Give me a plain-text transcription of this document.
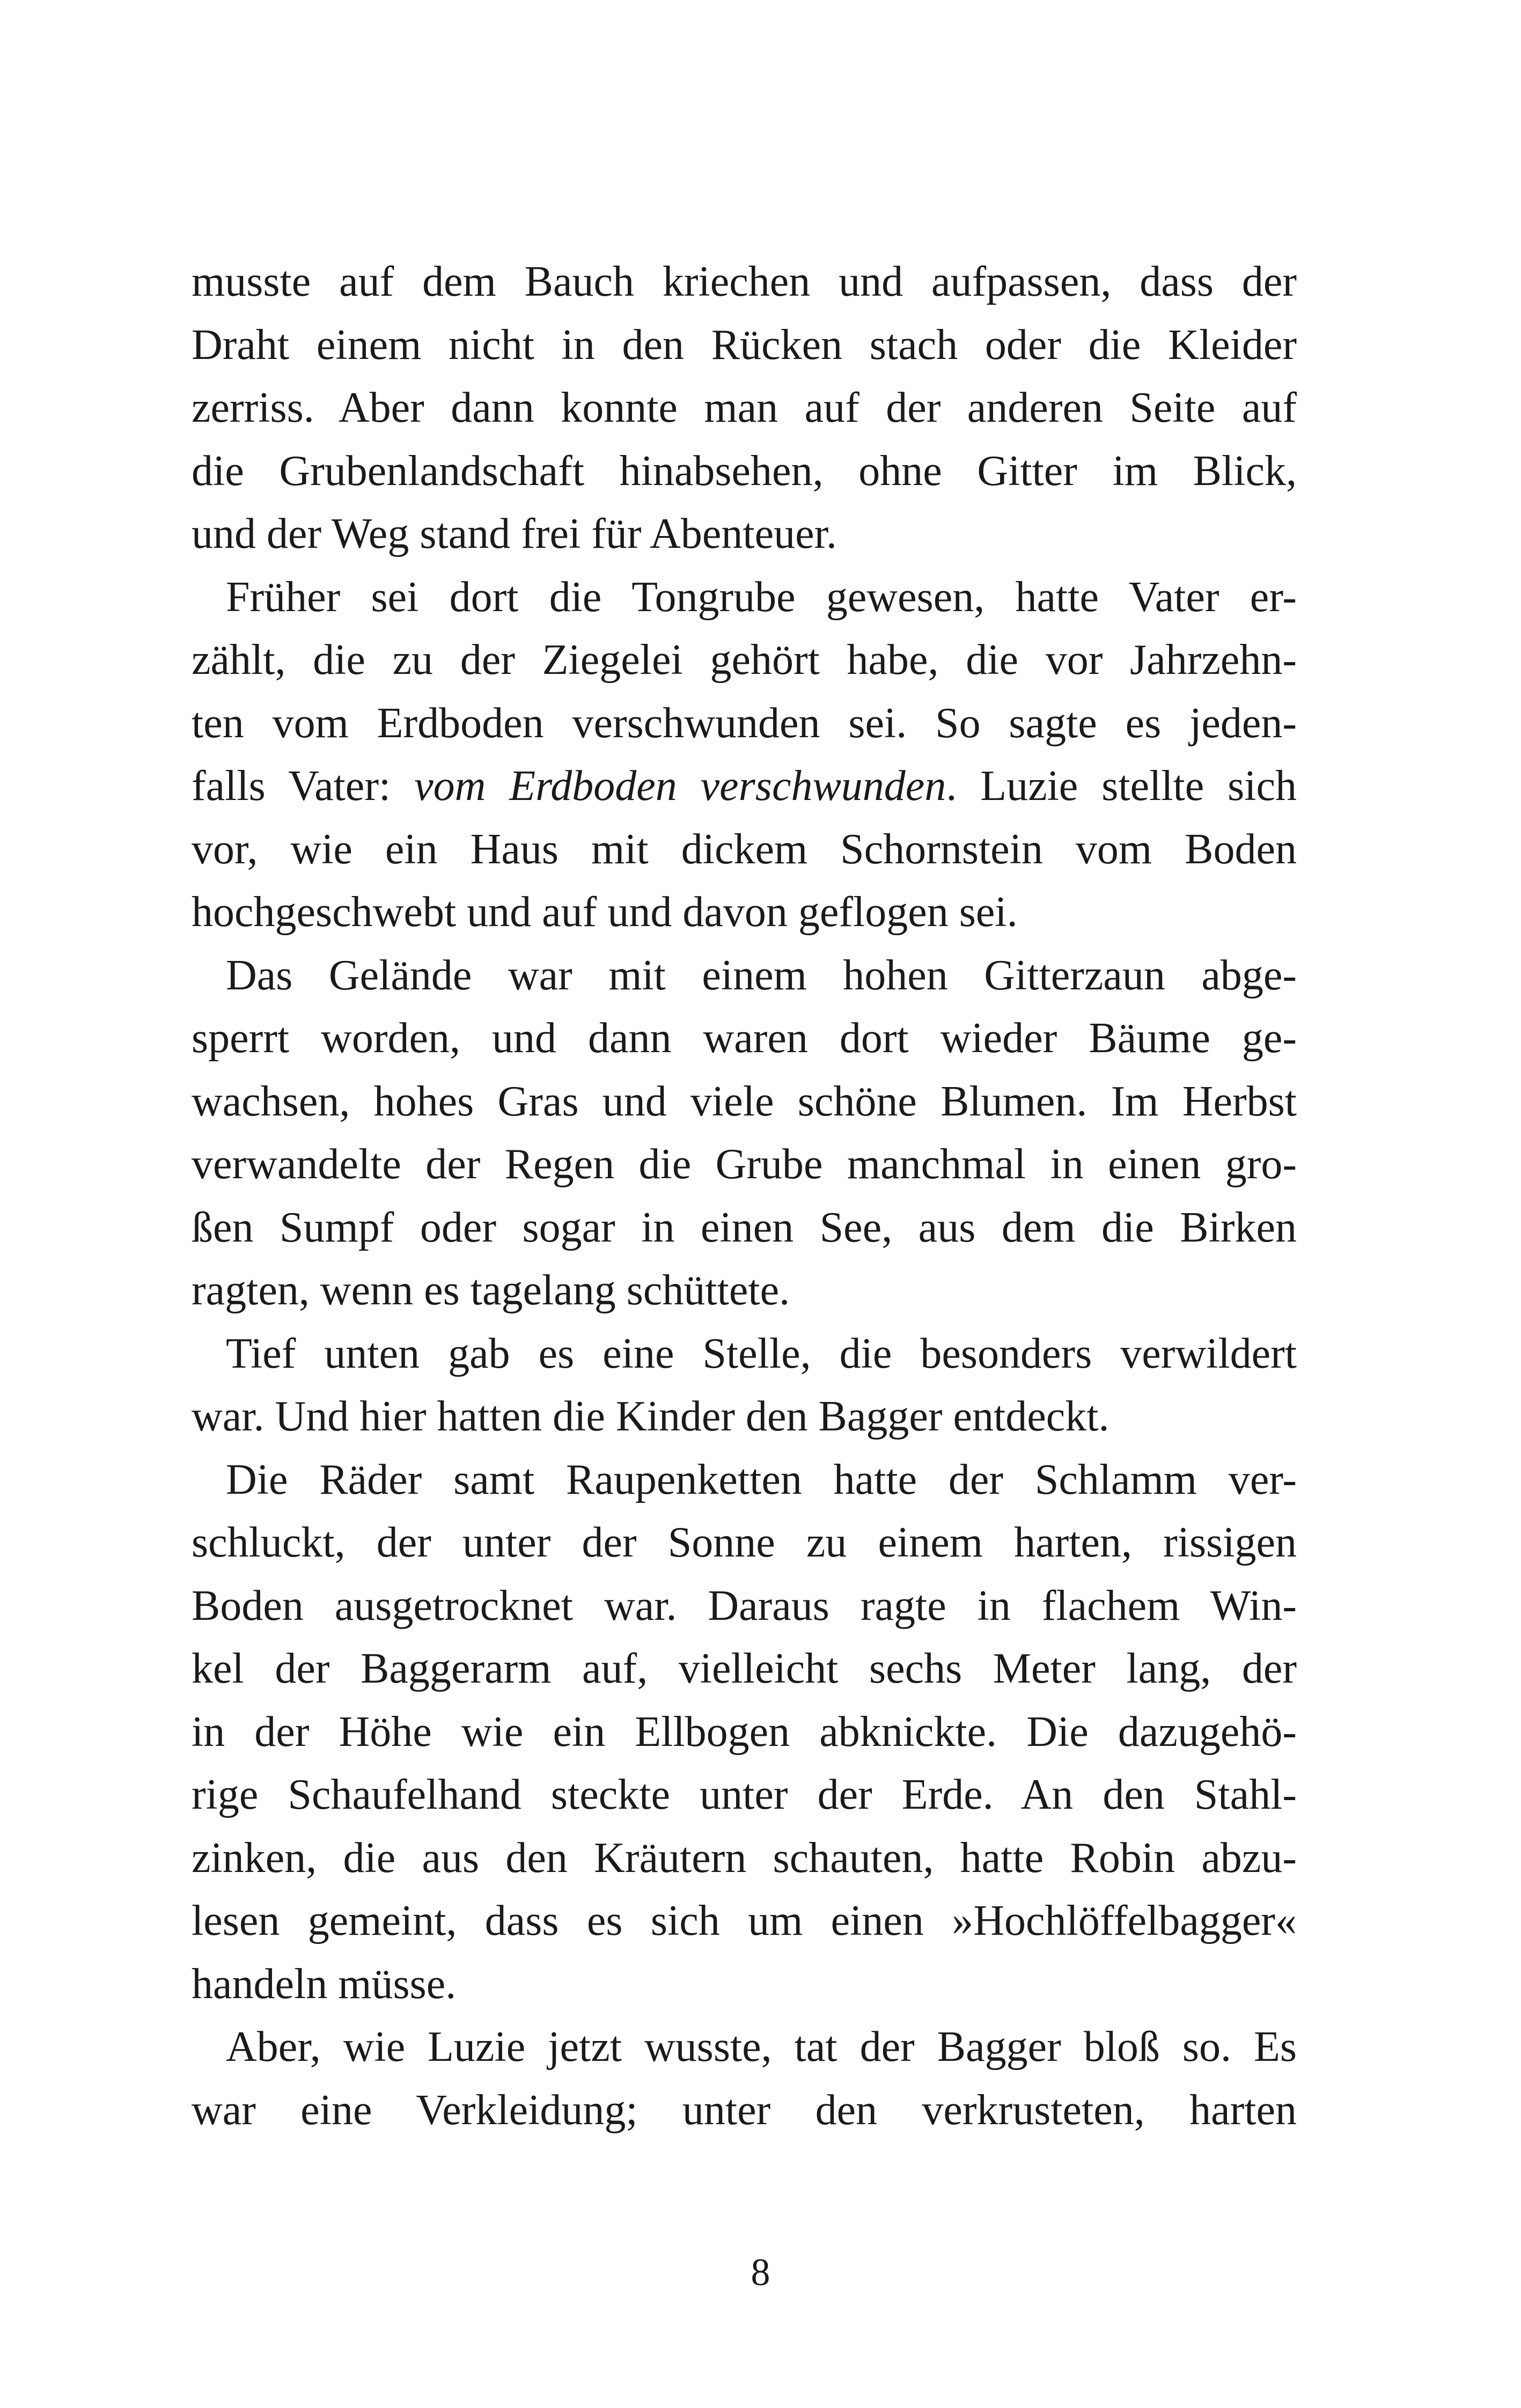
musste auf dem Bauch kriechen und aufpassen, dass der
Draht einem nicht in den Rücken stach oder die Kleider
zerriss. Aber dann konnte man auf der anderen Seite auf
die Grubenlandschaft hinabsehen, ohne Gitter im Blick,
und der Weg stand frei für Abenteuer.

Früher sei dort die Tongrube gewesen, hatte Vater er-
zählt, die zu der Ziegelei gehört habe, die vor Jahrzehn-
ten vom Erdboden verschwunden sei. So sagte es jeden-
falls Vater: vom Erdboden verschwunden. Luzie stellte sich
vor, wie ein Haus mit dickem Schornstein vom Boden
hochgeschwebt und auf und davon geflogen sei.

Das Gelände war mit einem hohen Gitterzaun abge-
sperrt worden, und dann waren dort wieder Bäume ge-
wachsen, hohes Gras und viele schöne Blumen. Im Herbst
verwandelte der Regen die Grube manchmal in einen gro-
ßen Sumpf oder sogar in einen See, aus dem die Birken
ragten, wenn es tagelang schüttete.

Tief unten gab es eine Stelle, die besonders verwildert
war. Und hier hatten die Kinder den Bagger entdeckt.

Die Räder samt Raupenketten hatte der Schlamm ver-
schluckt, der unter der Sonne zu einem harten, rissigen
Boden ausgetrocknet war. Daraus ragte in flachem Win-
kel der Baggerarm auf, vielleicht sechs Meter lang, der
in der Höhe wie ein Ellbogen abknickte. Die dazugehö-
rige Schaufelhand steckte unter der Erde. An den Stahl-
zinken, die aus den Kräutern schauten, hatte Robin abzu-
lesen gemeint, dass es sich um einen »Hochlöffelbagger«
handeln müsse.

Aber, wie Luzie jetzt wusste, tat der Bagger bloß so. Es
war eine Verkleidung; unter den verkrusteten, harten

8
